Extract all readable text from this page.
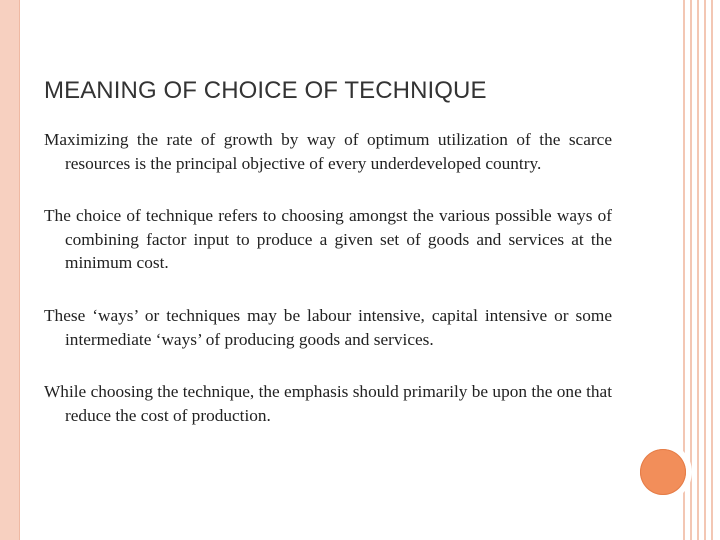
MEANING OF CHOICE OF TECHNIQUE

Maximizing the rate of growth by way of optimum utilization of the scarce resources is the principal objective of every underdeveloped country.

The choice of technique refers to choosing amongst the various possible ways of combining factor input to produce a given set of goods and services at the minimum cost.

These ‘ways’ or techniques may be labour intensive, capital intensive or some intermediate ‘ways’ of producing goods and services.

While choosing the technique, the emphasis should primarily be upon the one that reduce the cost of production.
